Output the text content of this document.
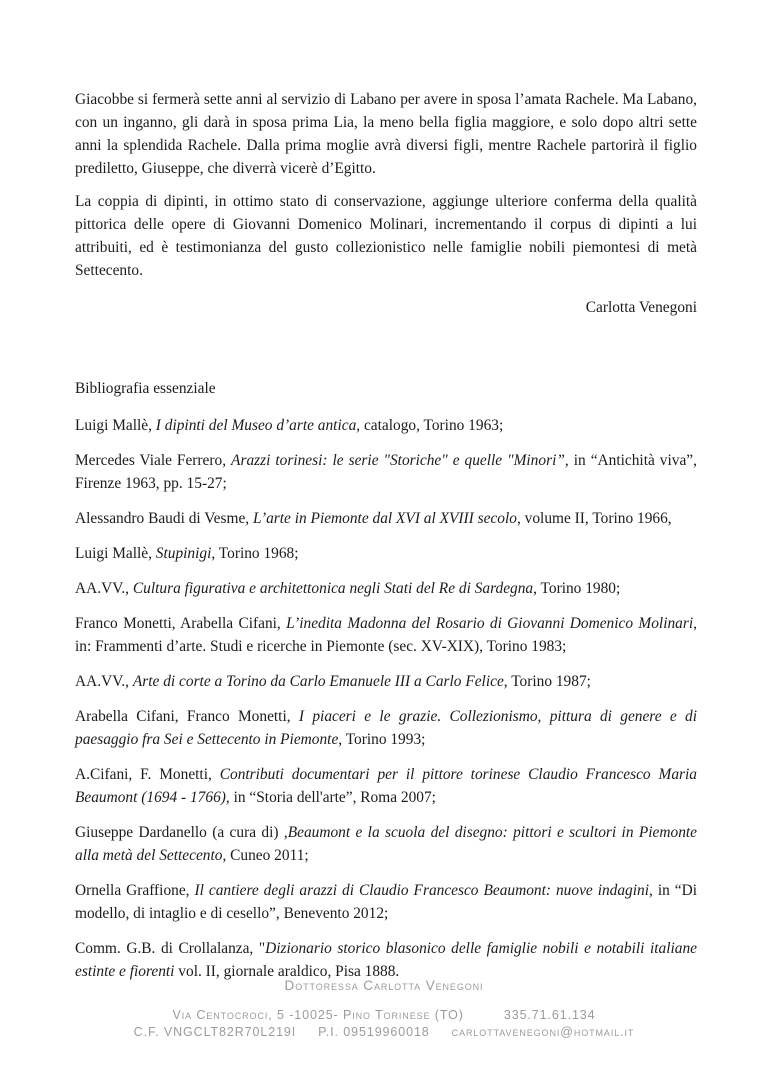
Giacobbe si fermerà sette anni al servizio di Labano per avere in sposa l’amata Rachele. Ma Labano, con un inganno, gli darà in sposa prima Lia, la meno bella figlia maggiore, e solo dopo altri sette anni la splendida Rachele. Dalla prima moglie avrà diversi figli, mentre Rachele partorirà il figlio prediletto, Giuseppe, che diverrà vicerè d’Egitto.

La coppia di dipinti, in ottimo stato di conservazione, aggiunge ulteriore conferma della qualità pittorica delle opere di Giovanni Domenico Molinari, incrementando il corpus di dipinti a lui attribuiti, ed è testimonianza del gusto collezionistico nelle famiglie nobili piemontesi di metà Settecento.

Carlotta Venegoni

Bibliografia essenziale

Luigi Mallè, I dipinti del Museo d’arte antica, catalogo, Torino 1963;

Mercedes Viale Ferrero, Arazzi torinesi: le serie "Storiche" e quelle "Minori”, in “Antichità viva”, Firenze 1963, pp. 15-27;

Alessandro Baudi di Vesme, L’arte in Piemonte dal XVI al XVIII secolo, volume II, Torino 1966,

Luigi Mallè, Stupinigi, Torino 1968;

AA.VV., Cultura figurativa e architettonica negli Stati del Re di Sardegna, Torino 1980;

Franco Monetti, Arabella Cifani, L’inedita Madonna del Rosario di Giovanni Domenico Molinari, in: Frammenti d’arte. Studi e ricerche in Piemonte (sec. XV-XIX), Torino 1983;

AA.VV., Arte di corte a Torino da Carlo Emanuele III a Carlo Felice, Torino 1987;

Arabella Cifani, Franco Monetti, I piaceri e le grazie. Collezionismo, pittura di genere e di paesaggio fra Sei e Settecento in Piemonte, Torino 1993;

A.Cifani, F. Monetti, Contributi documentari per il pittore torinese Claudio Francesco Maria Beaumont (1694 - 1766), in “Storia dell'arte”, Roma 2007;

Giuseppe Dardanello (a cura di) ,Beaumont e la scuola del disegno: pittori e scultori in Piemonte alla metà del Settecento, Cuneo 2011;

Ornella Graffione, Il cantiere degli arazzi di Claudio Francesco Beaumont: nuove indagini, in “Di modello, di intaglio e di cesello”, Benevento 2012;

Comm. G.B. di Crollalanza, "Dizionario storico blasonico delle famiglie nobili e notabili italiane estinte e fiorenti vol. II, giornale araldico, Pisa 1888.

Dottoressa Carlotta Venegoni

Via Centocroci, 5 -10025- Pino Torinese (TO)	335.71.61.134

C.F. VNGCLT82R70L219I P.I. 09519960018 carlottavenegoni@hotmail.it
